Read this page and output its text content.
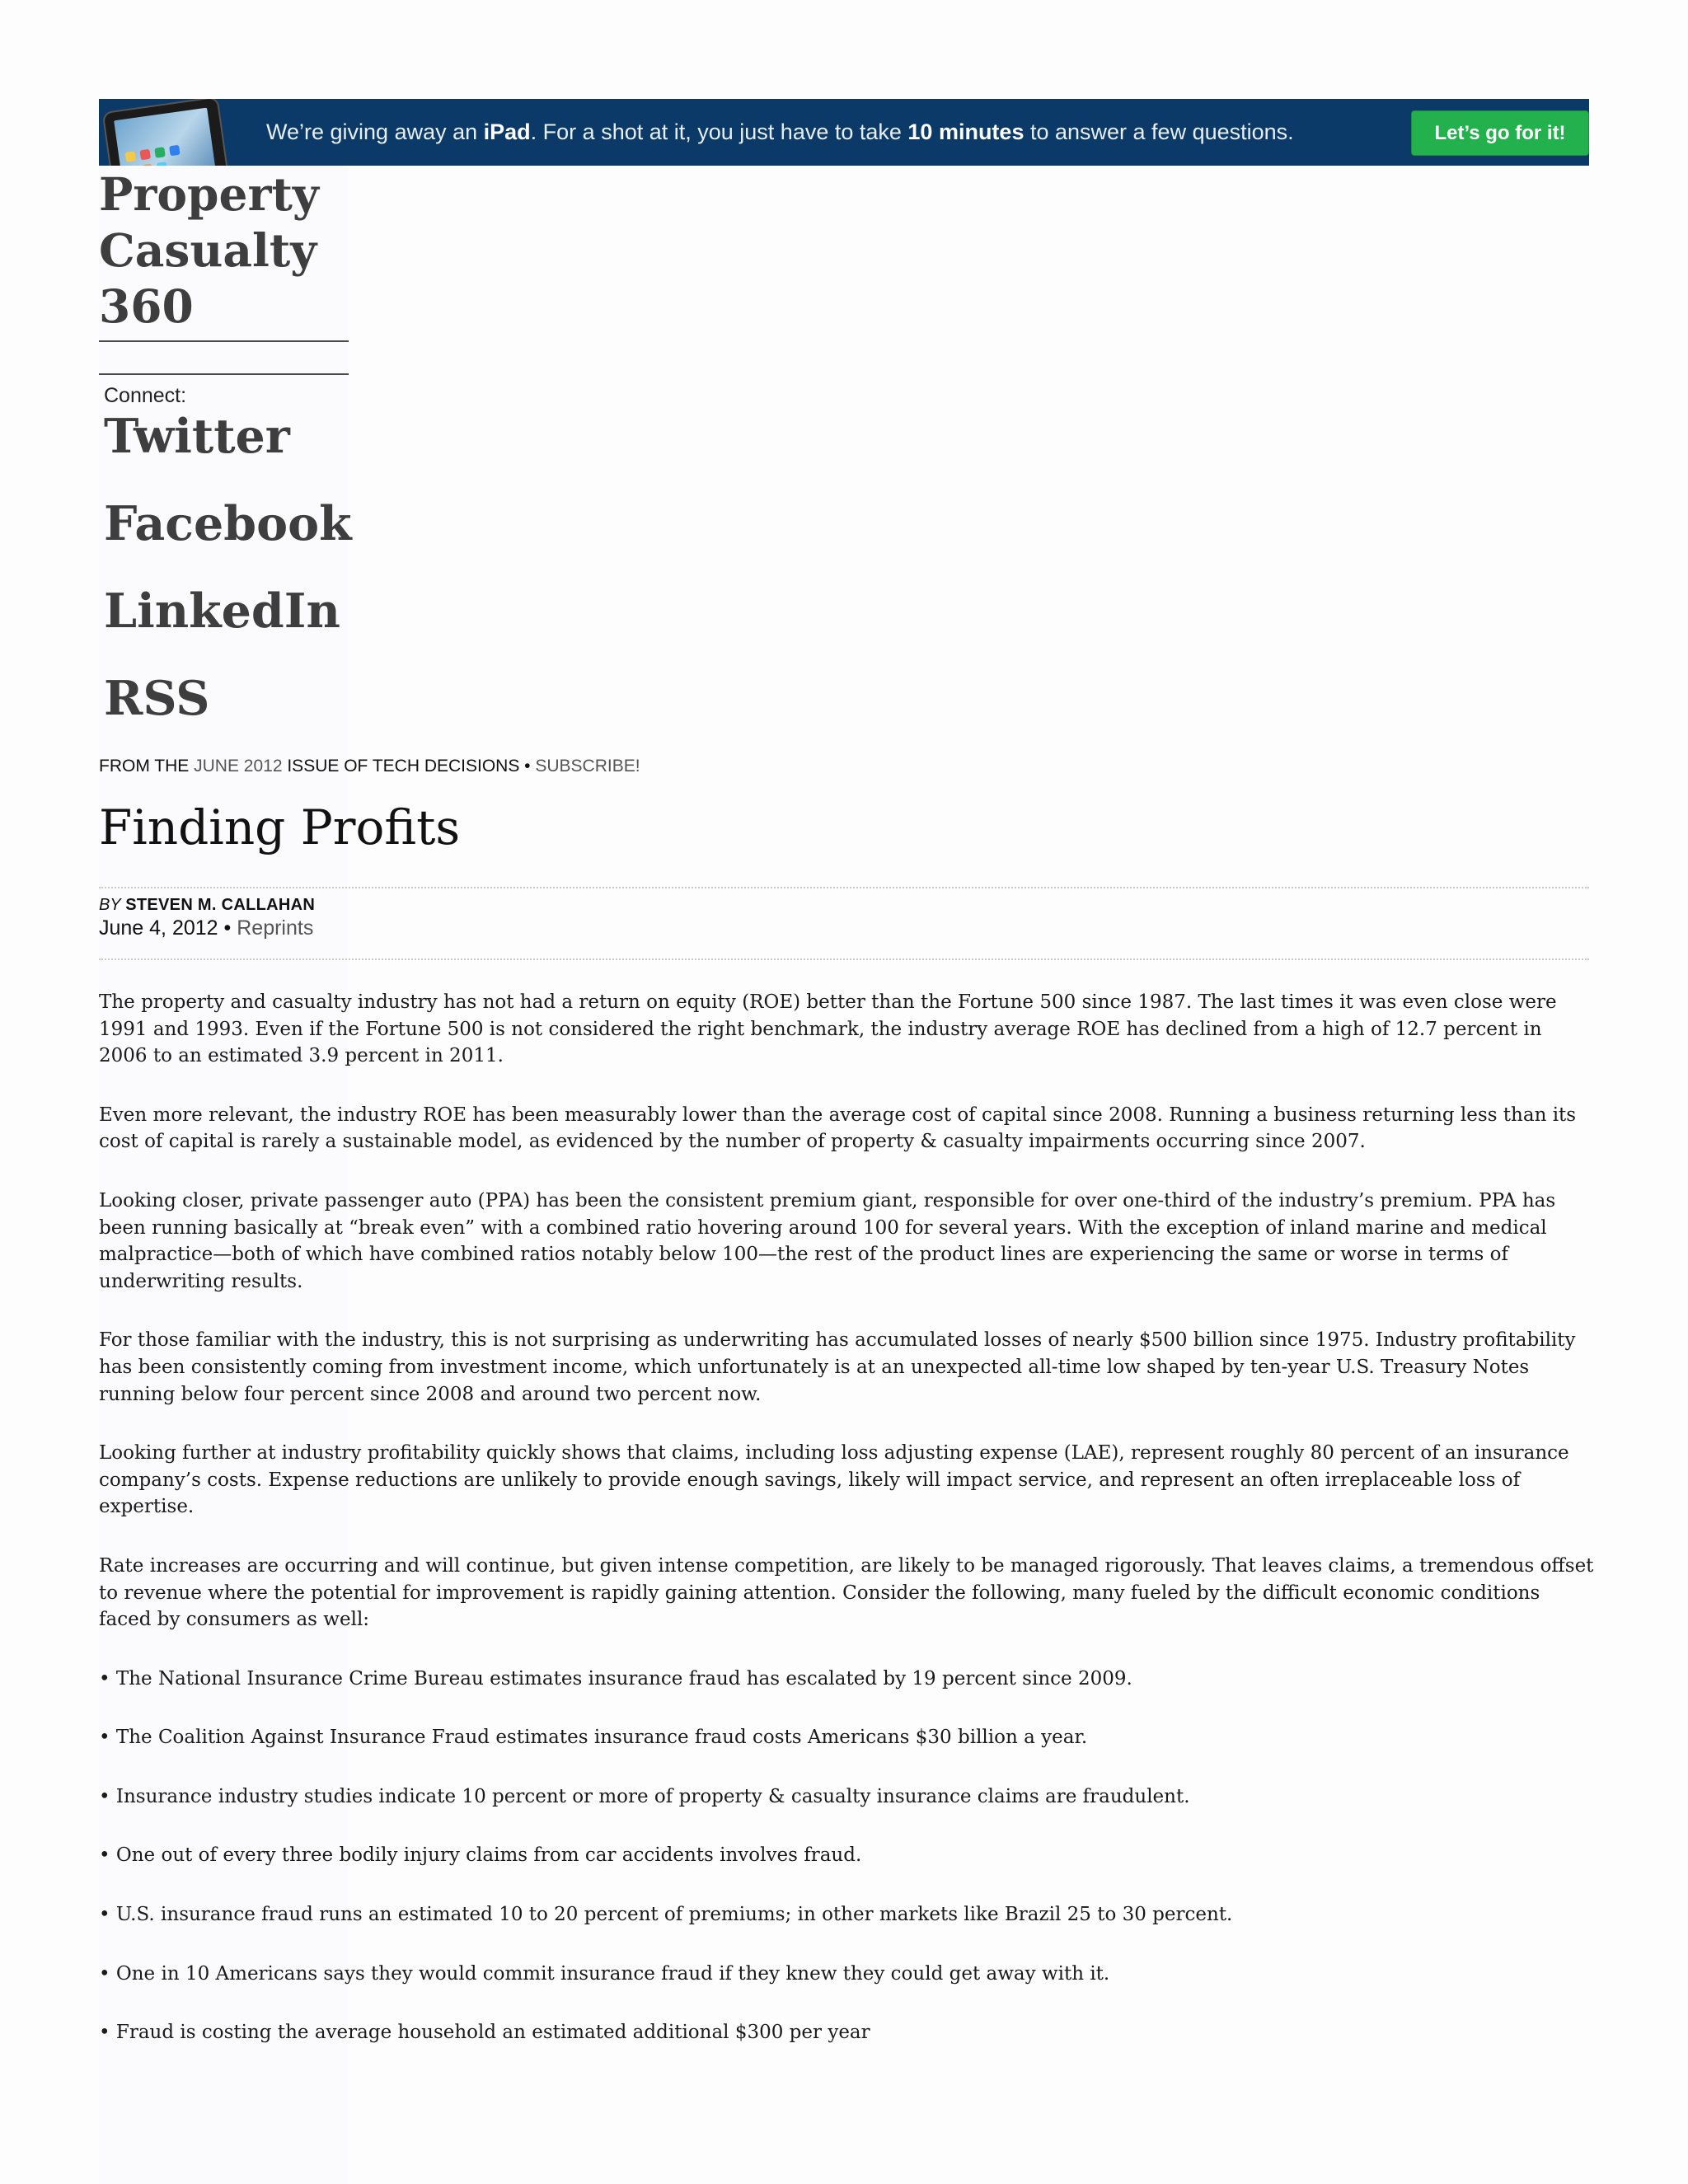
We’re giving away an iPad. For a shot at it, you just have to take 10 minutes to answer a few questions.	Let’s go for it!
Property
Casualty
360
Connect:
Twitter
Facebook
LinkedIn
RSS
FROM THE JUNE 2012 ISSUE OF TECH DECISIONS • SUBSCRIBE!
Finding Profits
BY STEVEN M. CALLAHAN
June 4, 2012 • Reprints

The property and casualty industry has not had a return on equity (ROE) better than the Fortune 500 since 1987. The last times it was even close were 1991 and 1993. Even if the Fortune 500 is not considered the right benchmark, the industry average ROE has declined from a high of 12.7 percent in 2006 to an estimated 3.9 percent in 2011.

Even more relevant, the industry ROE has been measurably lower than the average cost of capital since 2008. Running a business returning less than its cost of capital is rarely a sustainable model, as evidenced by the number of property & casualty impairments occurring since 2007.

Looking closer, private passenger auto (PPA) has been the consistent premium giant, responsible for over one-third of the industry’s premium. PPA has been running basically at “break even” with a combined ratio hovering around 100 for several years. With the exception of inland marine and medical malpractice—both of which have combined ratios notably below 100—the rest of the product lines are experiencing the same or worse in terms of underwriting results.

For those familiar with the industry, this is not surprising as underwriting has accumulated losses of nearly $500 billion since 1975. Industry profitability has been consistently coming from investment income, which unfortunately is at an unexpected all-time low shaped by ten-year U.S. Treasury Notes running below four percent since 2008 and around two percent now.

Looking further at industry profitability quickly shows that claims, including loss adjusting expense (LAE), represent roughly 80 percent of an insurance company’s costs. Expense reductions are unlikely to provide enough savings, likely will impact service, and represent an often irreplaceable loss of expertise.

Rate increases are occurring and will continue, but given intense competition, are likely to be managed rigorously. That leaves claims, a tremendous offset to revenue where the potential for improvement is rapidly gaining attention. Consider the following, many fueled by the difficult economic conditions faced by consumers as well:

• The National Insurance Crime Bureau estimates insurance fraud has escalated by 19 percent since 2009.

• The Coalition Against Insurance Fraud estimates insurance fraud costs Americans $30 billion a year.

• Insurance industry studies indicate 10 percent or more of property & casualty insurance claims are fraudulent.

• One out of every three bodily injury claims from car accidents involves fraud.

• U.S. insurance fraud runs an estimated 10 to 20 percent of premiums; in other markets like Brazil 25 to 30 percent.

• One in 10 Americans says they would commit insurance fraud if they knew they could get away with it.

• Fraud is costing the average household an estimated additional $300 per year
